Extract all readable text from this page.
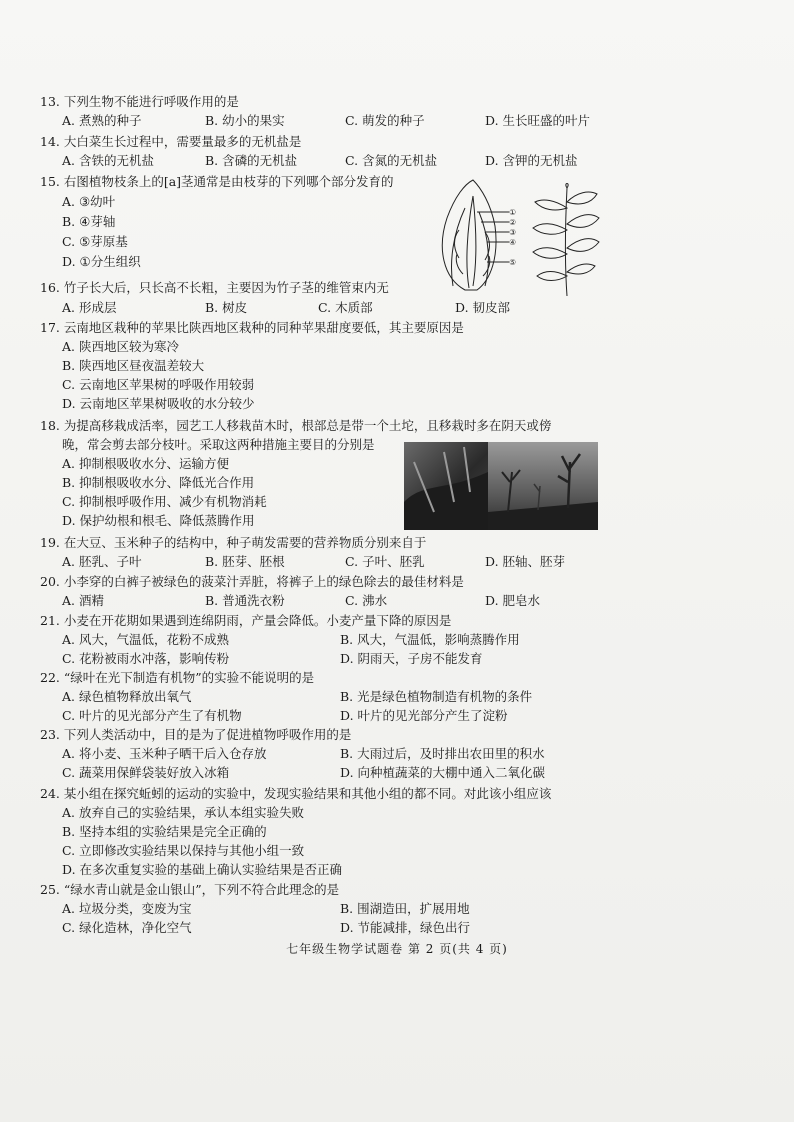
13. 下列生物不能进行呼吸作用的是
A. 煮熟的种子	B. 幼小的果实	C. 萌发的种子	D. 生长旺盛的叶片
14. 大白菜生长过程中，需要量最多的无机盐是
A. 含铁的无机盐	B. 含磷的无机盐	C. 含氮的无机盐	D. 含钾的无机盐
15. 右图植物枝条上的[a]茎通常是由枝芽的下列哪个部分发育的
A. ③幼叶
B. ④芽轴
C. ⑤芽原基
D. ①分生组织
①
②
③
④
⑤
16. 竹子长大后，只长高不长粗，主要因为竹子茎的维管束内无
A. 形成层	B. 树皮	C. 木质部	D. 韧皮部
17. 云南地区栽种的苹果比陕西地区栽种的同种苹果甜度要低，其主要原因是
A. 陕西地区较为寒冷
B. 陕西地区昼夜温差较大
C. 云南地区苹果树的呼吸作用较弱
D. 云南地区苹果树吸收的水分较少
18. 为提高移栽成活率，园艺工人移栽苗木时，根部总是带一个土坨，且移栽时多在阴天或傍
晚，常会剪去部分枝叶。采取这两种措施主要目的分别是
A. 抑制根吸收水分、运输方便
B. 抑制根吸收水分、降低光合作用
C. 抑制根呼吸作用、减少有机物消耗
D. 保护幼根和根毛、降低蒸腾作用
19. 在大豆、玉米种子的结构中，种子萌发需要的营养物质分别来自于
A. 胚乳、子叶	B. 胚芽、胚根	C. 子叶、胚乳	D. 胚轴、胚芽
20. 小李穿的白裤子被绿色的菠菜汁弄脏，将裤子上的绿色除去的最佳材料是
A. 酒精	B. 普通洗衣粉	C. 沸水	D. 肥皂水
21. 小麦在开花期如果遇到连绵阴雨，产量会降低。小麦产量下降的原因是
A. 风大，气温低，花粉不成熟	B. 风大，气温低，影响蒸腾作用
C. 花粉被雨水冲落，影响传粉	D. 阴雨天，子房不能发育
22. “绿叶在光下制造有机物”的实验不能说明的是
A. 绿色植物释放出氧气	B. 光是绿色植物制造有机物的条件
C. 叶片的见光部分产生了有机物	D. 叶片的见光部分产生了淀粉
23. 下列人类活动中，目的是为了促进植物呼吸作用的是
A. 将小麦、玉米种子晒干后入仓存放	B. 大雨过后，及时排出农田里的积水
C. 蔬菜用保鲜袋装好放入冰箱	D. 向种植蔬菜的大棚中通入二氧化碳
24. 某小组在探究蚯蚓的运动的实验中，发现实验结果和其他小组的都不同。对此该小组应该
A. 放弃自己的实验结果，承认本组实验失败
B. 坚持本组的实验结果是完全正确的
C. 立即修改实验结果以保持与其他小组一致
D. 在多次重复实验的基础上确认实验结果是否正确
25. “绿水青山就是金山银山”，下列不符合此理念的是
A. 垃圾分类，变废为宝	B. 围湖造田，扩展用地
C. 绿化造林，净化空气	D. 节能减排，绿色出行
七年级生物学试题卷 第 2 页(共 4 页)
